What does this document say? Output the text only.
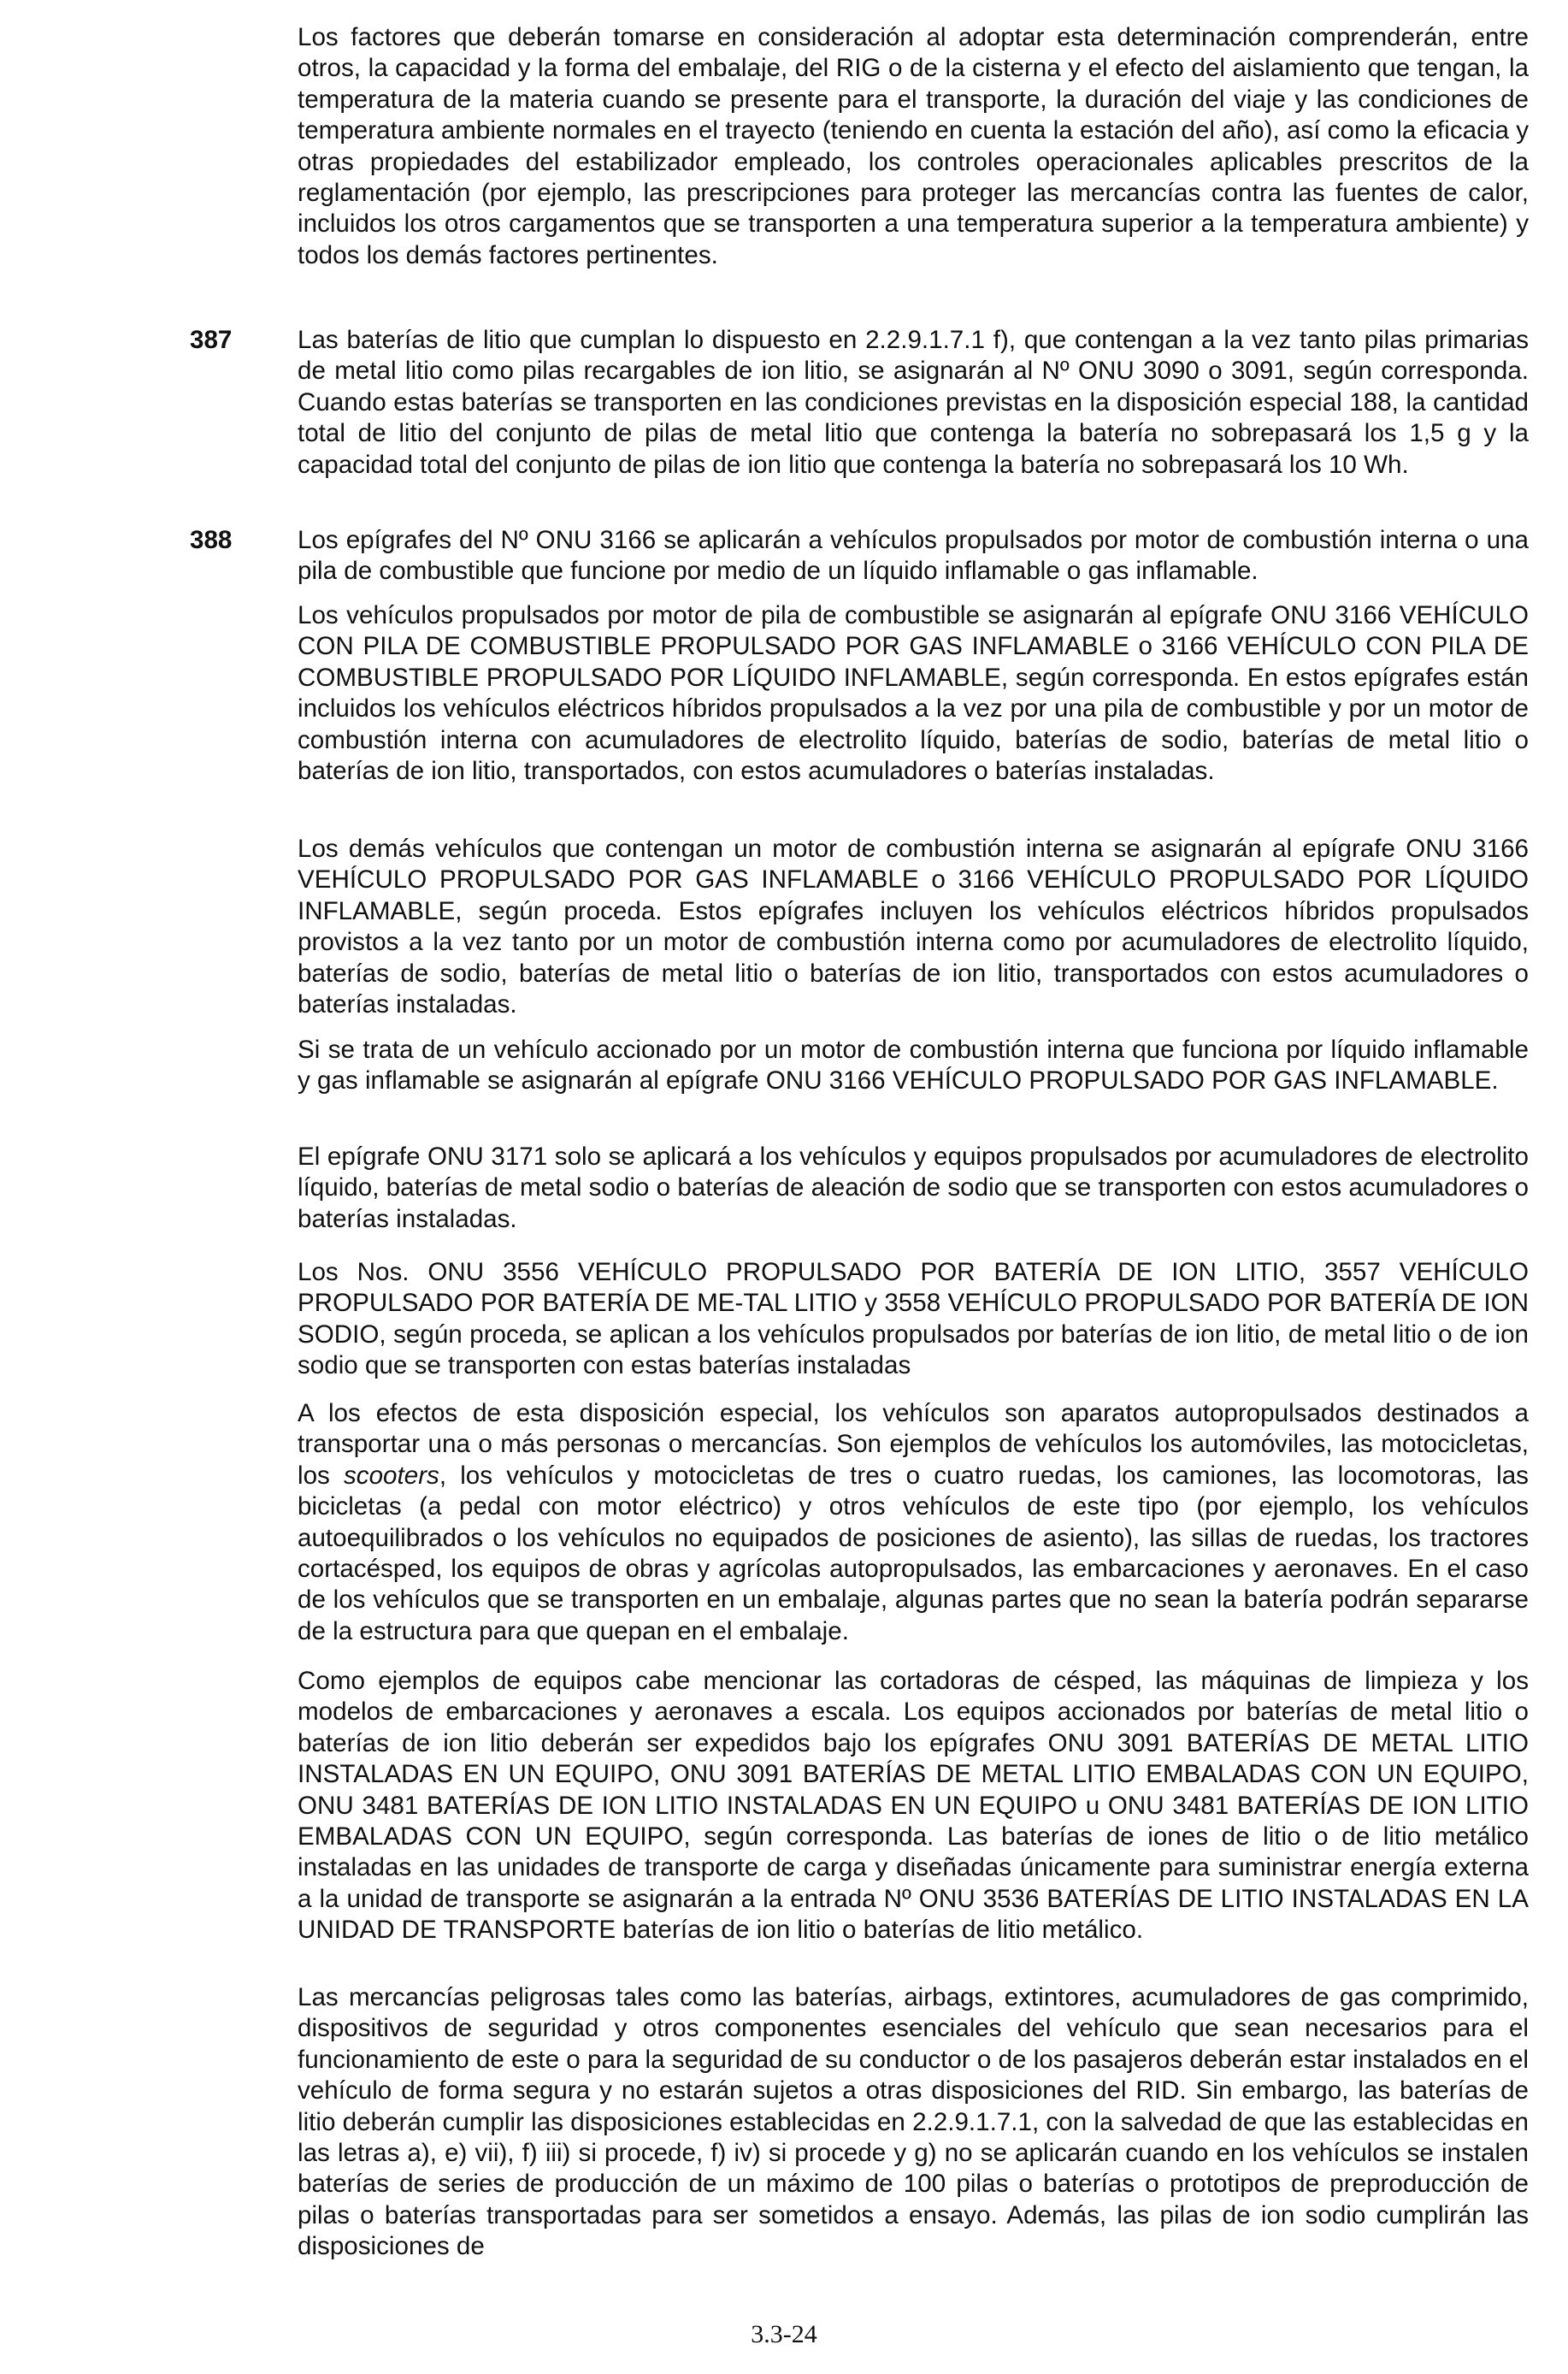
Los factores que deberán tomarse en consideración al adoptar esta determinación comprenderán, entre otros, la capacidad y la forma del embalaje, del RIG o de la cisterna y el efecto del aislamiento que tengan, la temperatura de la materia cuando se presente para el transporte, la duración del viaje y las condiciones de temperatura ambiente normales en el trayecto (teniendo en cuenta la estación del año), así como la eficacia y otras propiedades del estabilizador empleado, los controles operacionales aplicables prescritos de la reglamentación (por ejemplo, las prescripciones para proteger las mercancías contra las fuentes de calor, incluidos los otros cargamentos que se transporten a una temperatura superior a la temperatura ambiente) y todos los demás factores pertinentes.

387	Las baterías de litio que cumplan lo dispuesto en 2.2.9.1.7.1 f), que contengan a la vez tanto pilas primarias de metal litio como pilas recargables de ion litio, se asignarán al Nº ONU 3090 o 3091, según corresponda. Cuando estas baterías se transporten en las condiciones previstas en la disposición especial 188, la cantidad total de litio del conjunto de pilas de metal litio que contenga la batería no sobrepasará los 1,5 g y la capacidad total del conjunto de pilas de ion litio que contenga la batería no sobrepasará los 10 Wh.

388	Los epígrafes del Nº ONU 3166 se aplicarán a vehículos propulsados por motor de combustión interna o una pila de combustible que funcione por medio de un líquido inflamable o gas inflamable.

Los vehículos propulsados por motor de pila de combustible se asignarán al epígrafe ONU 3166 VEHÍCULO CON PILA DE COMBUSTIBLE PROPULSADO POR GAS INFLAMABLE o 3166 VEHÍCULO CON PILA DE COMBUSTIBLE PROPULSADO POR LÍQUIDO INFLAMABLE, según corresponda. En estos epígrafes están incluidos los vehículos eléctricos híbridos propulsados a la vez por una pila de combustible y por un motor de combustión interna con acumuladores de electrolito líquido, baterías de sodio, baterías de metal litio o baterías de ion litio, transportados, con estos acumuladores o baterías instaladas.

Los demás vehículos que contengan un motor de combustión interna se asignarán al epígrafe ONU 3166 VEHÍCULO PROPULSADO POR GAS INFLAMABLE o 3166 VEHÍCULO PROPULSADO POR LÍQUIDO INFLAMABLE, según proceda. Estos epígrafes incluyen los vehículos eléctricos híbridos propulsados provistos a la vez tanto por un motor de combustión interna como por acumuladores de electrolito líquido, baterías de sodio, baterías de metal litio o baterías de ion litio, transportados con estos acumuladores o baterías instaladas.

Si se trata de un vehículo accionado por un motor de combustión interna que funciona por líquido inflamable y gas inflamable se asignarán al epígrafe ONU 3166 VEHÍCULO PROPULSADO POR GAS INFLAMABLE.

El epígrafe ONU 3171 solo se aplicará a los vehículos y equipos propulsados por acumuladores de electrolito líquido, baterías de metal sodio o baterías de aleación de sodio que se transporten con estos acumuladores o baterías instaladas.

Los Nos. ONU 3556 VEHÍCULO PROPULSADO POR BATERÍA DE ION LITIO, 3557 VEHÍCULO PROPULSADO POR BATERÍA DE ME-TAL LITIO y 3558 VEHÍCULO PROPULSADO POR BATERÍA DE ION SODIO, según proceda, se aplican a los vehículos propulsados por baterías de ion litio, de metal litio o de ion sodio que se transporten con estas baterías instaladas

A los efectos de esta disposición especial, los vehículos son aparatos autopropulsados destinados a transportar una o más personas o mercancías. Son ejemplos de vehículos los automóviles, las motocicletas, los scooters, los vehículos y motocicletas de tres o cuatro ruedas, los camiones, las locomotoras, las bicicletas (a pedal con motor eléctrico) y otros vehículos de este tipo (por ejemplo, los vehículos autoequilibrados o los vehículos no equipados de posiciones de asiento), las sillas de ruedas, los tractores cortacésped, los equipos de obras y agrícolas autopropulsados, las embarcaciones y aeronaves. En el caso de los vehículos que se transporten en un embalaje, algunas partes que no sean la batería podrán separarse de la estructura para que quepan en el embalaje.

Como ejemplos de equipos cabe mencionar las cortadoras de césped, las máquinas de limpieza y los modelos de embarcaciones y aeronaves a escala. Los equipos accionados por baterías de metal litio o baterías de ion litio deberán ser expedidos bajo los epígrafes ONU 3091 BATERÍAS DE METAL LITIO INSTALADAS EN UN EQUIPO, ONU 3091 BATERÍAS DE METAL LITIO EMBALADAS CON UN EQUIPO, ONU 3481 BATERÍAS DE ION LITIO INSTALADAS EN UN EQUIPO u ONU 3481 BATERÍAS DE ION LITIO EMBALADAS CON UN EQUIPO, según corresponda. Las baterías de iones de litio o de litio metálico instaladas en las unidades de transporte de carga y diseñadas únicamente para suministrar energía externa a la unidad de transporte se asignarán a la entrada Nº ONU 3536 BATERÍAS DE LITIO INSTALADAS EN LA UNIDAD DE TRANSPORTE baterías de ion litio o baterías de litio metálico.

Las mercancías peligrosas tales como las baterías, airbags, extintores, acumuladores de gas comprimido, dispositivos de seguridad y otros componentes esenciales del vehículo que sean necesarios para el funcionamiento de este o para la seguridad de su conductor o de los pasajeros deberán estar instalados en el vehículo de forma segura y no estarán sujetos a otras disposiciones del RID. Sin embargo, las baterías de litio deberán cumplir las disposiciones establecidas en 2.2.9.1.7.1, con la salvedad de que las establecidas en las letras a), e) vii), f) iii) si procede, f) iv) si procede y g) no se aplicarán cuando en los vehículos se instalen baterías de series de producción de un máximo de 100 pilas o baterías o prototipos de preproducción de pilas o baterías transportadas para ser sometidos a ensayo. Además, las pilas de ion sodio cumplirán las disposiciones de

3.3-24
